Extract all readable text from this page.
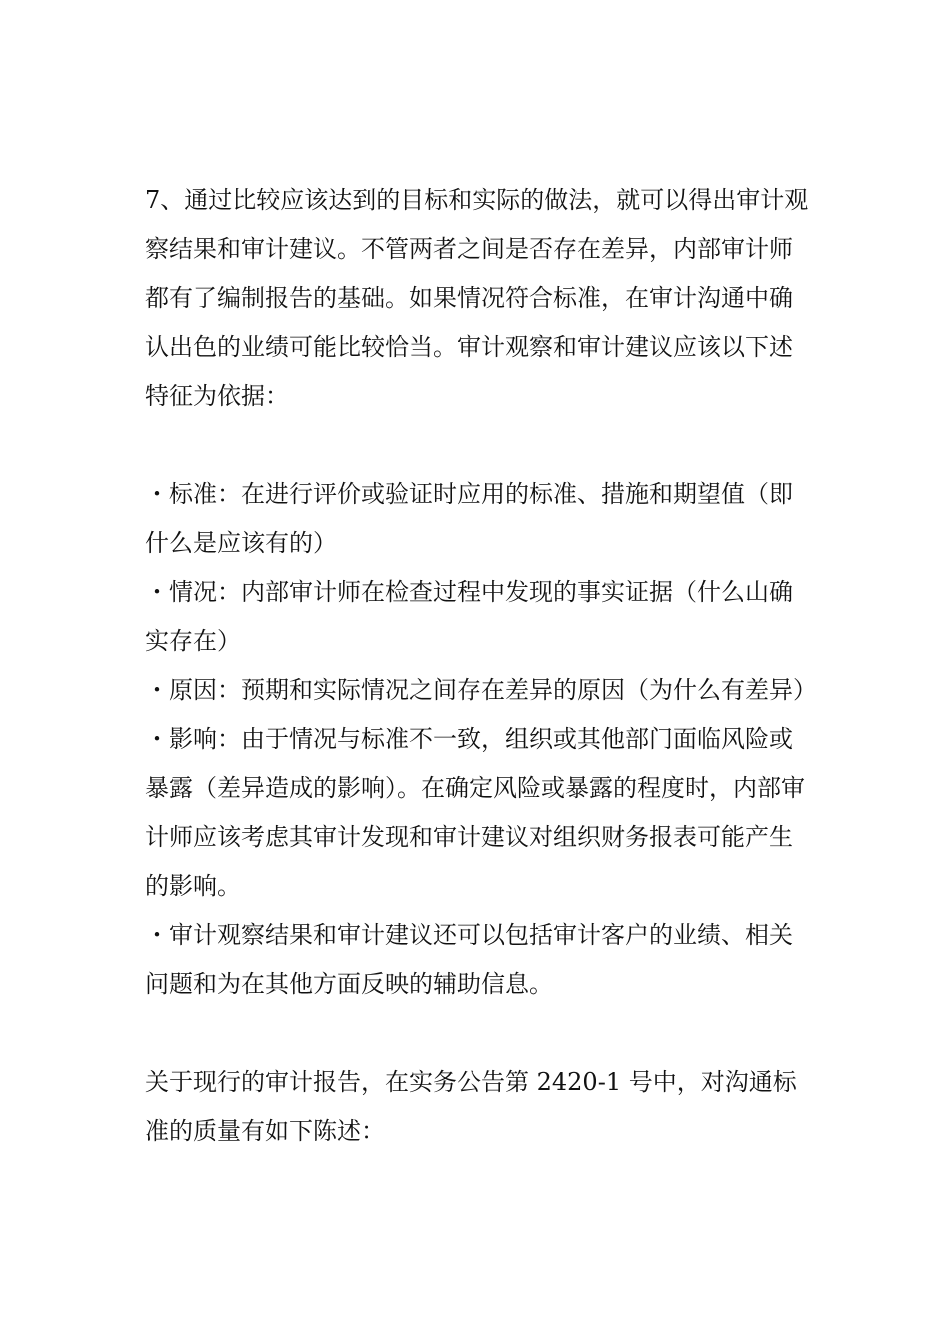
7、通过比较应该达到的目标和实际的做法，就可以得出审计观察结果和审计建议。不管两者之间是否存在差异，内部审计师都有了编制报告的基础。如果情况符合标准，在审计沟通中确认出色的业绩可能比较恰当。审计观察和审计建议应该以下述特征为依据：

・标准：在进行评价或验证时应用的标准、措施和期望值（即什么是应该有的）

・情况：内部审计师在检查过程中发现的事实证据（什么山确实存在）

・原因：预期和实际情况之间存在差异的原因（为什么有差异）

・影响：由于情况与标准不一致，组织或其他部门面临风险或暴露（差异造成的影响）。在确定风险或暴露的程度时，内部审计师应该考虑其审计发现和审计建议对组织财务报表可能产生的影响。

・审计观察结果和审计建议还可以包括审计客户的业绩、相关问题和为在其他方面反映的辅助信息。

关于现行的审计报告，在实务公告第 2420-1 号中，对沟通标准的质量有如下陈述：
